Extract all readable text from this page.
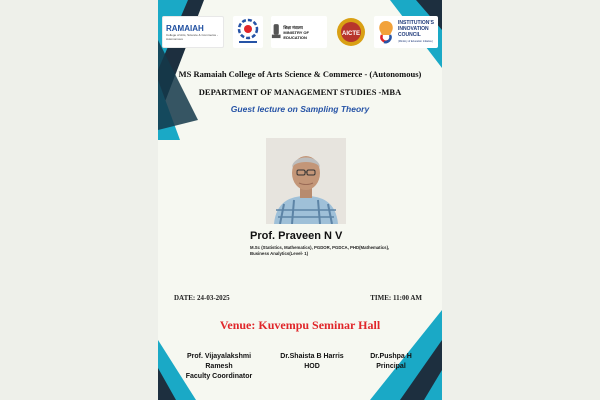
RAMAIAH
College of Arts, Science & Commerce - Autonomous
शिक्षा मंत्रालय
MINISTRY OF EDUCATION	AICTE
INSTITUTION'S
INNOVATION
COUNCIL
(Ministry of Education Initiative)
MS Ramaiah College of Arts Science & Commerce - (Autonomous)
DEPARTMENT OF MANAGEMENT STUDIES -MBA
Guest lecture on Sampling Theory
Prof. Praveen N V
M.Sc (Statistics, Mathematics), PGDOR, PGDCA, PHD(Mathematics), Business Analytics(Level- 1)
DATE: 24-03-2025	TIME: 11:00 AM
Venue: Kuvempu Seminar Hall
Prof. Vijayalakshmi Ramesh
Faculty Coordinator
Dr.Shaista B Harris
HOD
Dr.Pushpa H
Principal
